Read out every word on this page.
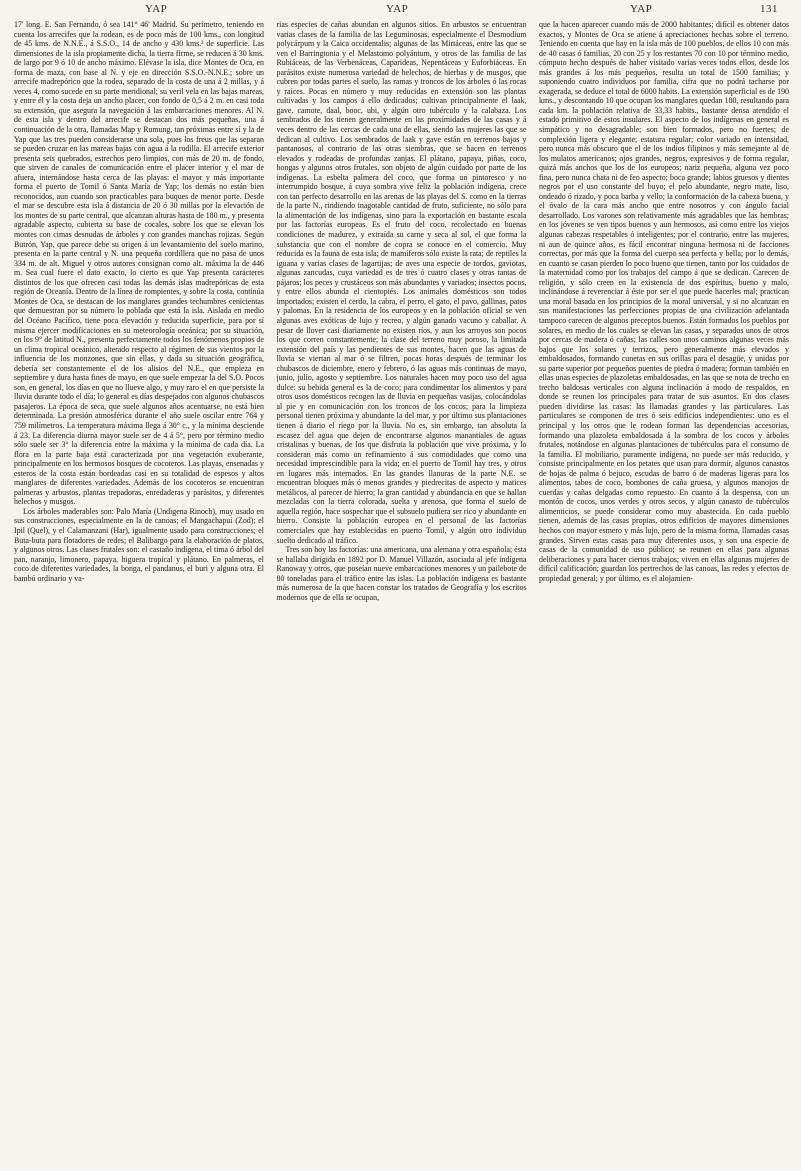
YAP	YAP	YAP	131

17' long. E. San Fernando, ó sea 141° 46' Madrid. Su perímetro, teniendo en cuenta los arrecifes que la rodean, es de poco más de 100 kms., con longitud de 45 kms. de N.N.E., á S.S.O., 14 de ancho y 430 kms.² de superficie. Las dimensiones de la isla propiamente dicha, la tierra firme, se reducen á 30 kms. de largo por 9 ó 10 de ancho máximo. Elévase la isla, dice Montes de Oca, en forma de maza, con base al N. y eje en dirección S.S.O.-N.N.E.; sobre un arrecife madrepórico que la rodea, separado de la costa de una á 2 millas, y á veces 4, como sucede en su parte meridional; su veril vela en las bajas mareas, y entre él y la costa deja un ancho placer, con fondo de 0,5 á 2 m. en casi toda su extensión, que asegura la navegación á las embarcaciones menores. Al N. de esta isla y dentro del arrecife se destacan dos más pequeñas, una á continuación de la otra, llamadas Map y Rumung, tan próximas entre sí y la de Yap que las tres pueden considerarse una sola, pues los freus que las separan se pueden cruzar en las mareas bajas con agua á la rodilla. El arrecife exterior presenta seis quebrados, estrechos pero limpios, con más de 20 m. de fondo, que sirven de canales de comunicación entre el placer interior y el mar de afuera, internándose hasta cerca de las playas: el mayor y más importante forma el puerto de Tomil ó Santa María de Yap; los demás no están bien reconocidos, aun cuando son practicables para buques de menor porte. Desde el mar se descubre esta isla á distancia de 20 ó 30 millas por la elevación de los montes de su parte central, que alcanzan alturas hasta de 180 m., y presenta agradable aspecto, cubierta su base de cocales, sobre los que se elevan los montes con cimas desnudas de árboles y con grandes manchas rojizas. Según Butrón, Yap, que parece debe su origen á un levantamiento del suelo marino, presenta en la parte central y N. una pequeña cordillera que no pasa de unos 334 m. de alt. Miguel y otros autores consignan como alt. máxima la de 446 m. Sea cual fuere el dato exacto, lo cierto es que Yap presenta caracteres distintos de los que ofrecen casi todas las demás islas madrepóricas de esta región de Oceanía. Dentro de la línea de rompientes, y sobre la costa, continúa Montes de Oca, se destacan de los manglares grandes techumbres cenicientas que demuestran por su número lo poblada que está la isla. Aislada en medio del Océano Pacífico, tiene poca elevación y reducida superficie, para por sí misma ejercer modificaciones en su meteorología oceánica; por su situación, en los 9° de latitud N., presenta perfectamente todos los fenómenos propios de un clima tropical oceánico, alterado respecto al régimen de sus vientos por la influencia de los monzones, que sin ellas, y dada su situación geográfica, debería ser constantemente el de los alisios del N.E., que empieza en septiembre y dura hasta fines de mayo, en que suele empezar la del S.O. Pocos son, en general, los días en que no llueve algo, y muy raro el en que persiste la lluvia durante todo el día; lo general es días despejados con algunos chubascos pasajeros. La época de seca, que suele algunos años acentuarse, no está bien determinada. La presión atmosférica durante el año suele oscilar entre 764 y 759 milímetros. La temperatura máxima llega á 30° c., y la mínima desciende á 23. La diferencia diurna mayor suele ser de 4 á 5°, pero por término medio sólo suele ser 3° la diferencia entre la máxima y la mínima de cada día. La flora en la parte baja está caracterizada por una vegetación exuberante, principalmente en los hermosos bosques de cocoteros. Las playas, ensenadas y esteros de la costa están bordeadas casi en su totalidad de espesos y altos manglares de diferentes variedades. Además de los cocoteros se encuentran palmeras y arbustos, plantas trepadoras, enredaderas y parásitos, y diferentes helechos y musgos.

Los árboles maderables son: Palo María (Undigena Rinoch), muy usado en sus construcciones, especialmente en la de canoas; el Mangachapuí (Zod); el Ipil (Quel), y el Calamanzani (Har), igualmente usado para construcciones; el Buta-buta para flotadores de redes; el Balibargo para la elaboración de platos, y algunos otros. Las clases frutales son: el castaño indígena, el tima ó árbol del pan, naranjo, limonero, papaya, higuera tropical y plátano. En palmeras, el coco de diferentes variedades, la bonga, el pandanus, el buri y alguna otra. El bambú ordinario y va-

rias especies de cañas abundan en algunos sitios. En arbustos se encuentran varias clases de la familia de las Leguminosas, especialmente el Desmodium polycárpum y la Caica occidentalis; algunas de las Mirtáceas, entre las que se ven el Barringtonia y el Melastomo polyántum, y otros de las familia de las Rubiáceas, de las Verbenáceas, Caparideas, Nepentáceas y Euforbiáceas. En parásitos existe numerosa variedad de helechos, de hierbas y de musgos, que cubren por todas partes el suelo, las ramas y troncos de los árboles ó las rocas y raíces. Pocas en número y muy reducidas en extensión son las plantas cultivadas y los campos á ello dedicados; cultivan principalmente el laak, gave, camote, daal, booc, ubi, y algún otro tubérculo y la calabaza. Los sembrados de los tienen generalmente en las proximidades de las casas y á veces dentro de las cercas de cada una de ellas, siendo las mujeres las que se dedican al cultivo. Los sembrados de laak y gave están en terrenos bajos y pantanosos, al contrario de las otras siembras, que se hacen en terrenos elevados y rodeadas de profundas zanjas. El plátano, papaya, piñas, coco, bongas y algunos otros frutales, son objeto de algún cuidado por parte de los indígenas. La esbelta palmera del coco, que forma un pintoresco y no interrumpido bosque, á cuya sombra vive feliz la población indígena, crece con tan perfecto desarrollo en las arenas de las playas del S. como en la tierras de la parte N., rindiendo inagotable cantidad de fruto, suficiente, no sólo para la alimentación de los indígenas, sino para la exportación en bastante escala por las factorías europeas. Es el fruto del coco, recolectado en buenas condiciones de madurez, y extraída su carne y seca al sol, el que forma la substancia que con el nombre de copra se conoce en el comercio. Muy reducida es la fauna de esta isla; de mamíferos sólo existe la rata; de reptiles la iguana y varias clases de lagartijas; de aves una especie de tordos, gaviotas, algunas zancudas, cuya variedad es de tres ó cuatro clases y otras tantas de pájaros; los peces y crustáceos son más abundantes y variados; insectos pocos, y entre ellos abunda el cientopiés. Los animales domésticos son todos importados; existen el cerdo, la cabra, el perro, el gato, el pavo, gallinas, patos y palomas. En la residencia de los europeos y en la población oficial se ven algunas aves exóticas de lujo y recreo, y algún ganado vacuno y caballar. A pesar de llover casi diariamente no existen ríos, y aun los arroyos son pocos los que corren constantemente; la clase del terreno muy poroso, la limitada extensión del país y las pendientes de sus montes, hacen que las aguas de lluvia se viertan al mar ó se filtren, pocas horas después de terminar los chubascos de diciembre, enero y febrero, ó las aguas más continuas de mayo, junio, julio, agosto y septiembre. Los naturales hacen muy poco uso del agua dulce: su bebida general es la de coco; para condimentar los alimentos y para otros usos domésticos recogen las de lluvia en pequeñas vasijas, colocándolas al pie y en comunicación con los troncos de los cocos; para la limpieza personal tienen próxima y abundante la del mar, y por último sus plantaciones tienen á diario el riego por la lluvia. No es, sin embargo, tan absoluta la escasez del agua que dejen de encontrarse algunos manantiales de aguas cristalinas y buenas, de los que disfruta la población que vive próxima, y lo consideran más como un refinamiento á sus comodidades que como una necesidad imprescindible para la vida; en el puerto de Tomil hay tres, y otros en lugares más internados. En las grandes llanuras de la parte N.E. se encuentran bloques más ó menos grandes y piedrecitas de aspecto y matices metálicos, al parecer de hierro; la gran cantidad y abundancia en que se hallan mezcladas con la tierra colorada, suelta y arenosa, que forma el suelo de aquella región, hace sospechar que el subsuelo pudiera ser rico y abundante en hierro. Consiste la población europea en el personal de las factorías comerciales que hay establecidas en puerto Tomil, y algún otro individuo suelto dedicado al tráfico.

Tres son hoy las factorías: una americana, una alemana y otra española; ésta se hallaba dirigida en 1892 por D. Manuel Villazón, asociada al jefe indígena Ranoway y otros, que poseían nueve embarcaciones menores y un pailebote de 80 toneladas para el tráfico entre las islas. La población indígena es bastante más numerosa de la que hacen constar los tratados de Geografía y los escritos modernos que de ella se ocupan,

que la hacen aparecer cuando más de 2000 habitantes; difícil es obtener datos exactos, y Montes de Oca se atiene á apreciaciones hechas sobre el terreno. Teniendo en cuenta que hay en la isla más de 100 pueblos, de ellos 10 con más de 40 casas ó familias, 20 con 25 y los restantes 70 con 10 por término medio, cómputo hecho después de haber visitado varias veces todos ellos, desde los más grandes á los más pequeños, resulta un total de 1500 familias; y suponiendo cuatro individuos por familia, cifra que no podrá tacharse por exagerada, se deduce el total de 6000 habits. La extensión superficial es de 190 kms., y descontando 10 que ocupan los manglares quedan 180, resultando para cada km. la población relativa de 33,33 habits., bastante densa atendido el estado primitivo de estos insulares. El aspecto de los indígenas en general es simpático y no desagradable; son bien formados, pero no fuertes; de complexión ligera y elegante; estatura regular; color variado en intensidad, pero nunca más obscuro que el de los indios filipinos y más semejante al de los mulatos americanos; ojos grandes, negros, expresivos y de forma regular, quizá más anchos que los de los europeos; nariz pequeña, alguna vez poco fina, pero nunca chata ni de feo aspecto; boca grande; labios gruesos y dientes negros por el uso constante del buyo; el pelo abundante, negro mate, liso, ondeado ó rizado, y poca barba y vello; la conformación de la cabeza buena, y el óvalo de la cara más ancho que entre nosotros y con ángulo facial desarrollado. Los varones son relativamente más agradables que las hembras; en los jóvenes se ven tipos buenos y aun hermosos, así como entre los viejos algunas cabezas respetables ó inteligentes; por el contrario, entre las mujeres, ni aun de quince años, es fácil encontrar ninguna hermosa ni de facciones correctas, por más que la forma del cuerpo sea perfecta y bella; por lo demás, en cuanto se casan pierden lo poco bueno que tienen, tanto por los cuidados de la maternidad como por los trabajos del campo á que se dedican. Carecen de religión, y sólo creen en la existencia de dos espíritus, bueno y malo, inclinándose á reverenciar á éste por ser el que puede hacerles mal; practican una moral basada en los principios de la moral universal, y si no alcanzan en sus manifestaciones las perfecciones propias de una civilización adelantada tampoco carecen de algunos preceptos buenos. Están formados los pueblos por solares, en medio de los cuales se elevan las casas, y separados unos de otros por cercas de madera ó cañas; las calles son unos caminos algunas veces más bajos que los solares y terrizos, pero generalmente más elevados y embaldosados, formando cunetas en sus orillas para el desagüe, y unidas por su parte superior por pequeños puentes de piedra ó madera; forman también en ellas unas especies de plazoletas embaldosadas, en las que se nota de trecho en trecho baldosas verticales con alguna inclinación á modo de respaldos, en donde se reunen los principales para tratar de sus asuntos. En dos clases pueden dividirse las casas: las llamadas grandes y las particulares. Las particulares se componen de tres ó seis edificios independientes: uno es el principal y los otros que le rodean forman las dependencias accesorias, formando una plazoleta embaldosada á la sombra de los cocos y árboles frutales, notándose en algunas plantaciones de tubérculos para el consumo de la familia. El mobiliario, puramente indígena, no puede ser más reducido, y consiste principalmente en los petates que usan para dormir, algunos canastos de hojas de palma ó bejuco, escudas de barro ó de maderas ligeras para los alimentos, tabos de coco, bombones de caña gruesa, y algunos manojos de cuerdas y cañas delgadas como repuesto. En cuanto á la despensa, con un montón de cocos, unos verdes y otros secos, y algún canasto de tubérculos alimenticios, se puede considerar como muy abastecida. En cada pueblo tienen, además de las casas propias, otros edificios de mayores dimensiones hechos con mayor esmero y más lujo, pero de la misma forma, llamadas casas grandes. Sirven estas casas para muy diferentes usos, y son una especie de casas de la comunidad de uso público; se reunen en ellas para algunas deliberaciones y para hacer ciertos trabajos; viven en ellas algunas mujeres de difícil calificación; guardan los pertrechos de las canoas, las redes y efectos de propiedad general; y por último, es el alojamien-
